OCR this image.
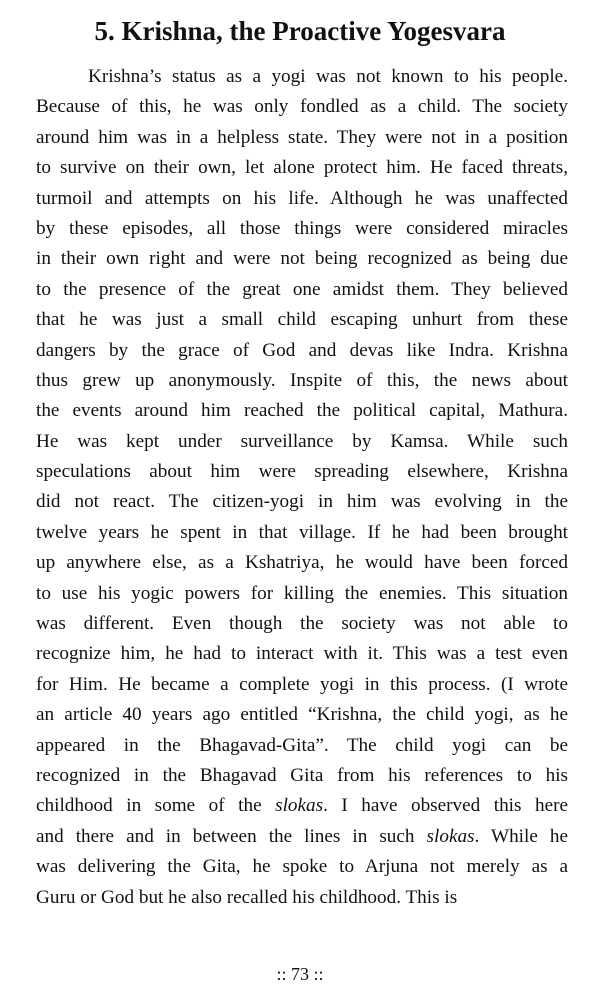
5. Krishna, the Proactive Yogesvara
Krishna’s status as a yogi was not known to his people.
Because of this, he was only fondled as a child. The society
around him was in a helpless state. They were not in a position
to survive on their own, let alone protect him. He faced threats,
turmoil and attempts on his life. Although he was unaffected
by these episodes, all those things were considered miracles
in their own right and were not being recognized as being due
to the presence of the great one amidst them. They believed
that he was just a small child escaping unhurt from these
dangers by the grace of God and devas like Indra. Krishna
thus grew up anonymously. Inspite of this, the news about
the events around him reached the political capital, Mathura.
He was kept under surveillance by Kamsa. While such
speculations about him were spreading elsewhere, Krishna
did not react. The citizen-yogi in him was evolving in the
twelve years he spent in that village. If he had been brought
up anywhere else, as a Kshatriya, he would have been forced
to use his yogic powers for killing the enemies. This situation
was different. Even though the society was not able to
recognize him, he had to interact with it. This was a test even
for Him. He became a complete yogi in this process. (I wrote
an article 40 years ago entitled “Krishna, the child yogi, as he
appeared in the Bhagavad-Gita”. The child yogi can be
recognized in the Bhagavad Gita from his references to his
childhood in some of the slokas. I have observed this here
and there and in between the lines in such slokas. While he
was delivering the Gita, he spoke to Arjuna not merely as a
Guru or God but he also recalled his childhood. This is
:: 73 ::
